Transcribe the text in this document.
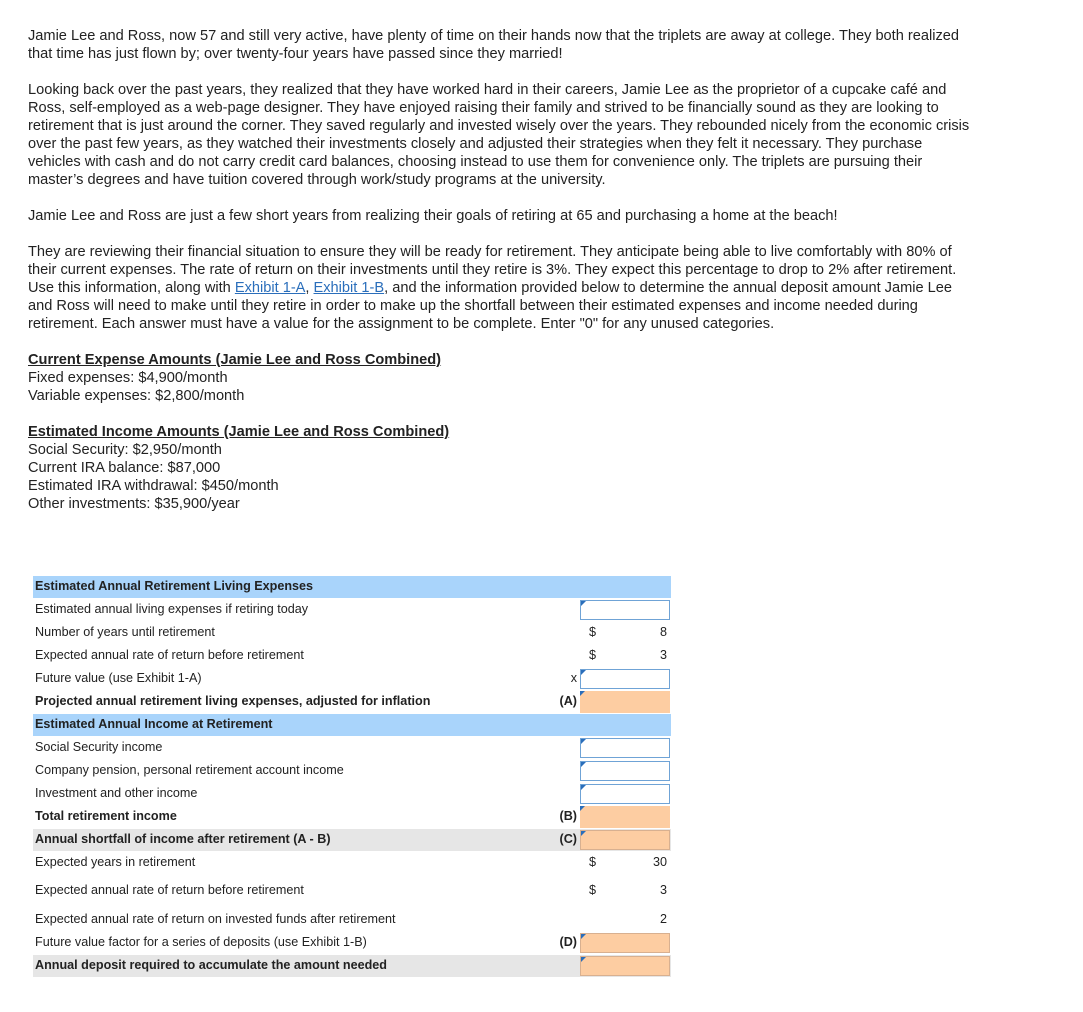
Jamie Lee and Ross, now 57 and still very active, have plenty of time on their hands now that the triplets are away at college. They both realized that time has just flown by; over twenty-four years have passed since they married!

Looking back over the past years, they realized that they have worked hard in their careers, Jamie Lee as the proprietor of a cupcake café and Ross, self-employed as a web-page designer. They have enjoyed raising their family and strived to be financially sound as they are looking to retirement that is just around the corner. They saved regularly and invested wisely over the years. They rebounded nicely from the economic crisis over the past few years, as they watched their investments closely and adjusted their strategies when they felt it necessary. They purchase vehicles with cash and do not carry credit card balances, choosing instead to use them for convenience only. The triplets are pursuing their master’s degrees and have tuition covered through work/study programs at the university.

Jamie Lee and Ross are just a few short years from realizing their goals of retiring at 65 and purchasing a home at the beach!

They are reviewing their financial situation to ensure they will be ready for retirement. They anticipate being able to live comfortably with 80% of their current expenses. The rate of return on their investments until they retire is 3%. They expect this percentage to drop to 2% after retirement. Use this information, along with Exhibit 1-A, Exhibit 1-B, and the information provided below to determine the annual deposit amount Jamie Lee and Ross will need to make until they retire in order to make up the shortfall between their estimated expenses and income needed during retirement. Each answer must have a value for the assignment to be complete. Enter "0" for any unused categories.

Current Expense Amounts (Jamie Lee and Ross Combined)
Fixed expenses: $4,900/month
Variable expenses: $2,800/month
Estimated Income Amounts (Jamie Lee and Ross Combined)
Social Security: $2,950/month
Current IRA balance: $87,000
Estimated IRA withdrawal: $450/month
Other investments: $35,900/year
Estimated Annual Retirement Living Expenses
Estimated annual living expenses if retiring today
Number of years until retirement	$	8
Expected annual rate of return before retirement	$	3
Future value (use Exhibit 1-A)	x
Projected annual retirement living expenses, adjusted for inflation	(A)
Estimated Annual Income at Retirement
Social Security income
Company pension, personal retirement account income
Investment and other income
Total retirement income	(B)
Annual shortfall of income after retirement (A - B)	(C)
Expected years in retirement	$	30
Expected annual rate of return before retirement	$	3
Expected annual rate of return on invested funds after retirement	2
Future value factor for a series of deposits (use Exhibit 1-B)	(D)
Annual deposit required to accumulate the amount needed
